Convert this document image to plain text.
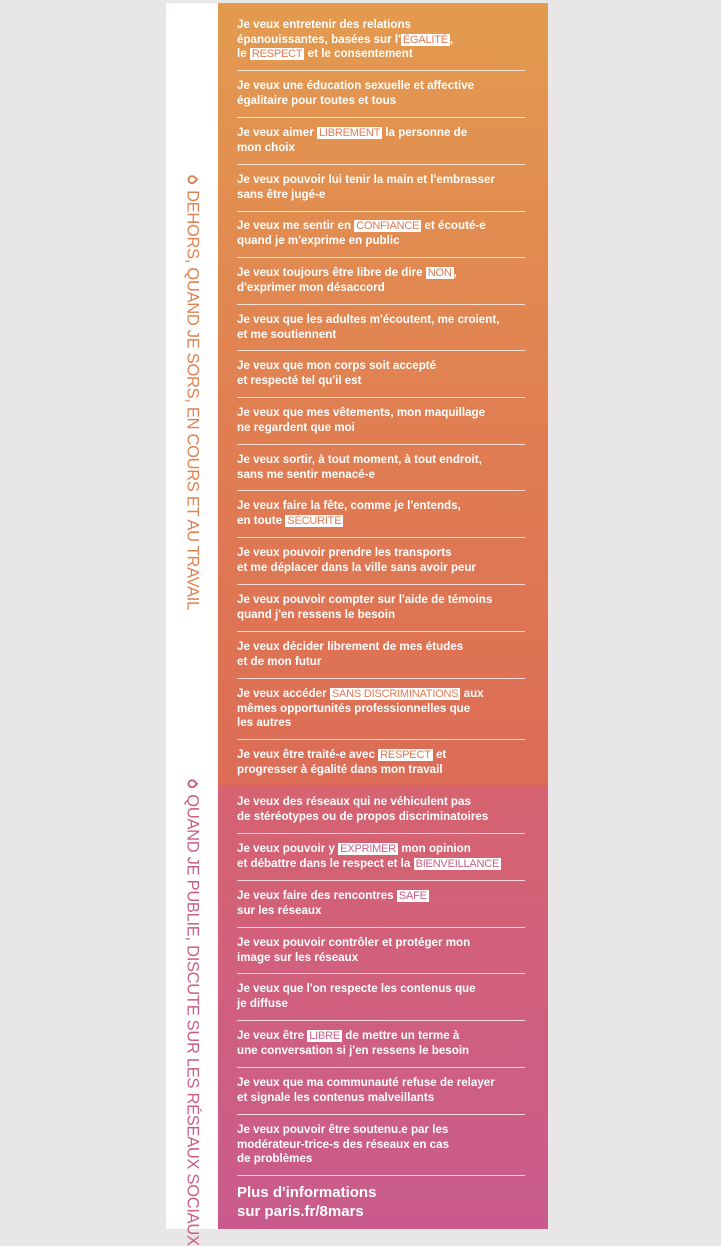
DEHORS, QUAND JE SORS, EN COURS ET AU TRAVAIL
QUAND JE PUBLIE, DISCUTE SUR LES RÉSEAUX SOCIAUX
Je veux entretenir des relations
épanouissantes, basées sur l' ÉGALITÉ ,
le RESPECT et le consentement
Je veux une éducation sexuelle et affective
égalitaire pour toutes et tous
Je veux aimer LIBREMENT la personne de
mon choix
Je veux pouvoir lui tenir la main et l'embrasser
sans être jugé-e
Je veux me sentir en CONFIANCE et écouté-e
quand je m'exprime en public
Je veux toujours être libre de dire NON ,
d'exprimer mon désaccord
Je veux que les adultes m'écoutent, me croient,
et me soutiennent
Je veux que mon corps soit accepté
et respecté tel qu'il est
Je veux que mes vêtements, mon maquillage
ne regardent que moi
Je veux sortir, à tout moment, à tout endroit,
sans me sentir menacé-e
Je veux faire la fête, comme je l'entends,
en toute SÉCURITÉ
Je veux pouvoir prendre les transports
et me déplacer dans la ville sans avoir peur
Je veux pouvoir compter sur l'aide de témoins
quand j'en ressens le besoin
Je veux décider librement de mes études
et de mon futur
Je veux accéder SANS DISCRIMINATIONS aux
mêmes opportunités professionnelles que
les autres
Je veux être traité-e avec RESPECT et
progresser à égalité dans mon travail
Je veux des réseaux qui ne véhiculent pas
de stéréotypes ou de propos discriminatoires
Je veux pouvoir y EXPRIMER mon opinion
et débattre dans le respect et la BIENVEILLANCE
Je veux faire des rencontres SAFE
sur les réseaux
Je veux pouvoir contrôler et protéger mon
image sur les réseaux
Je veux que l'on respecte les contenus que
je diffuse
Je veux être LIBRE de mettre un terme à
une conversation si j'en ressens le besoin
Je veux que ma communauté refuse de relayer
et signale les contenus malveillants
Je veux pouvoir être soutenu.e par les
modérateur-trice-s des réseaux en cas
de problèmes
Plus d'informations
sur paris.fr/8mars
